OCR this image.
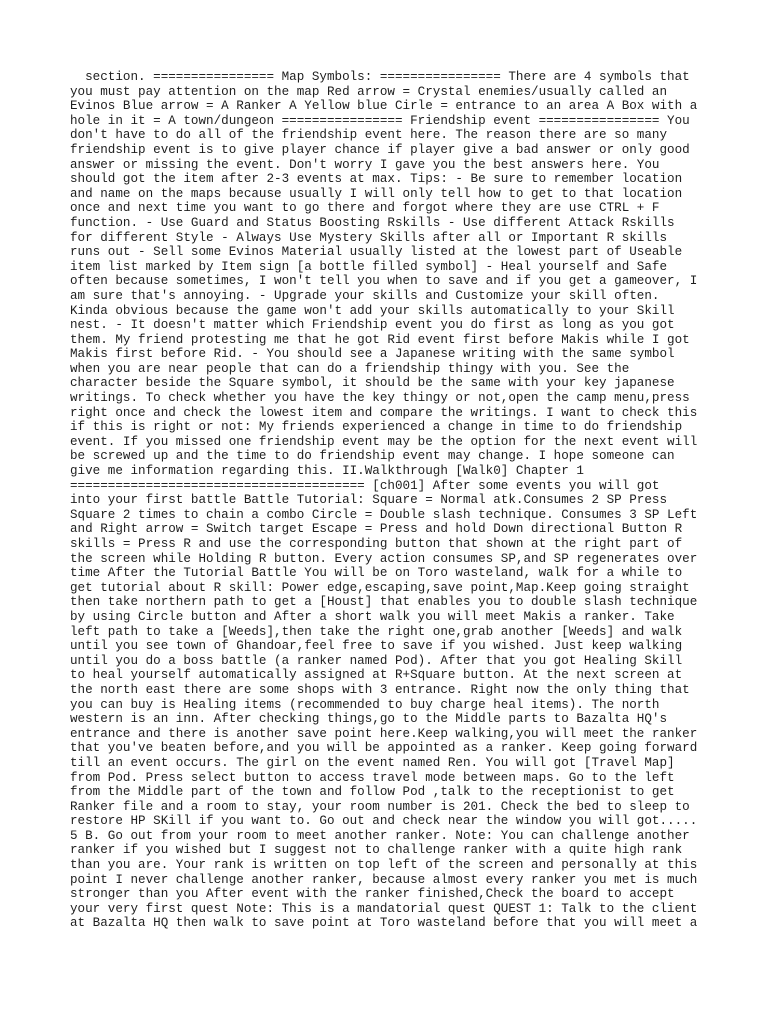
section. ================ Map Symbols: ================ There are 4 symbols that

you must pay attention on the map Red arrow = Crystal enemies/usually called an

Evinos Blue arrow = A Ranker A Yellow blue Cirle = entrance to an area A Box with a

hole in it = A town/dungeon ================ Friendship event ================ You

don't have to do all of the friendship event here. The reason there are so many

friendship event is to give player chance if player give a bad answer or only good

answer or missing the event. Don't worry I gave you the best answers here. You

should got the item after 2-3 events at max. Tips: - Be sure to remember location

and name on the maps because usually I will only tell how to get to that location

once and next time you want to go there and forgot where they are use CTRL + F

function. - Use Guard and Status Boosting Rskills - Use different Attack Rskills

for different Style - Always Use Mystery Skills after all or Important R skills

runs out - Sell some Evinos Material usually listed at the lowest part of Useable

item list marked by Item sign [a bottle filled symbol] - Heal yourself and Safe

often because sometimes, I won't tell you when to save and if you get a gameover, I

am sure that's annoying. - Upgrade your skills and Customize your skill often.

Kinda obvious because the game won't add your skills automatically to your Skill

nest. - It doesn't matter which Friendship event you do first as long as you got

them. My friend protesting me that he got Rid event first before Makis while I got

Makis first before Rid. - You should see a Japanese writing with the same symbol

when you are near people that can do a friendship thingy with you. See the

character beside the Square symbol, it should be the same with your key japanese

writings. To check whether you have the key thingy or not,open the camp menu,press

right once and check the lowest item and compare the writings. I want to check this

if this is right or not: My friends experienced a change in time to do friendship

event. If you missed one friendship event may be the option for the next event will

be screwed up and the time to do friendship event may change. I hope someone can

give me information regarding this. II.Walkthrough [Walk0] Chapter 1

======================================= [ch001] After some events you will got

into your first battle Battle Tutorial: Square = Normal atk.Consumes 2 SP Press

Square 2 times to chain a combo Circle = Double slash technique. Consumes 3 SP Left

and Right arrow = Switch target Escape = Press and hold Down directional Button R

skills = Press R and use the corresponding button that shown at the right part of

the screen while Holding R button. Every action consumes SP,and SP regenerates over

time After the Tutorial Battle You will be on Toro wasteland, walk for a while to

get tutorial about R skill: Power edge,escaping,save point,Map.Keep going straight

then take northern path to get a [Houst] that enables you to double slash technique

by using Circle button and After a short walk you will meet Makis a ranker. Take

left path to take a [Weeds],then take the right one,grab another [Weeds] and walk

until you see town of Ghandoar,feel free to save if you wished. Just keep walking

until you do a boss battle (a ranker named Pod). After that you got Healing Skill

to heal yourself automatically assigned at R+Square button. At the next screen at

the north east there are some shops with 3 entrance. Right now the only thing that

you can buy is Healing items (recommended to buy charge heal items). The north

western is an inn. After checking things,go to the Middle parts to Bazalta HQ's

entrance and there is another save point here.Keep walking,you will meet the ranker

that you've beaten before,and you will be appointed as a ranker. Keep going forward

till an event occurs. The girl on the event named Ren. You will got [Travel Map]

from Pod. Press select button to access travel mode between maps. Go to the left

from the Middle part of the town and follow Pod ,talk to the receptionist to get

Ranker file and a room to stay, your room number is 201. Check the bed to sleep to

restore HP SKill if you want to. Go out and check near the window you will got.....

5 B. Go out from your room to meet another ranker. Note: You can challenge another

ranker if you wished but I suggest not to challenge ranker with a quite high rank

than you are. Your rank is written on top left of the screen and personally at this

point I never challenge another ranker, because almost every ranker you met is much

stronger than you After event with the ranker finished,Check the board to accept

your very first quest Note: This is a mandatorial quest QUEST 1: Talk to the client

at Bazalta HQ then walk to save point at Toro wasteland before that you will meet a
